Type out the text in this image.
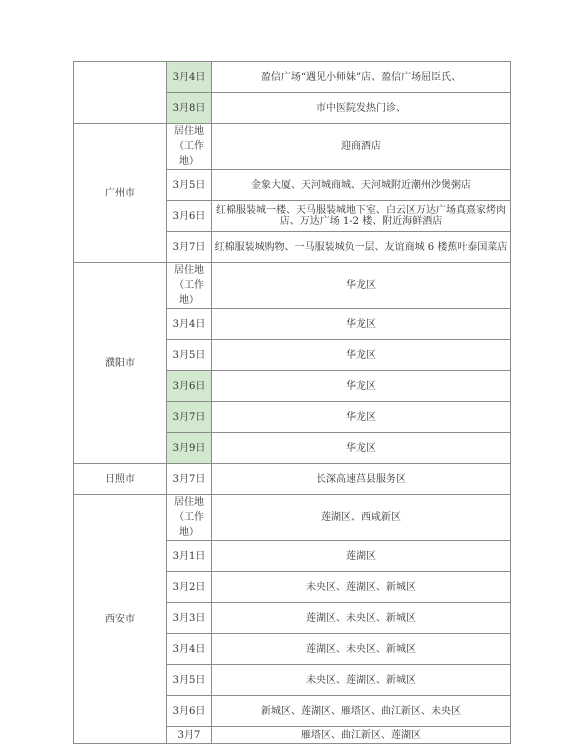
	3月4日	盈信广场“遇见小师妹”店、盈信广场屈臣氏、
	3月8日	市中医院发热门诊、
广州市	居住地（工作地）	迎商酒店
	3月5日	金象大厦、天河城商城、天河城附近潮州沙煲粥店
	3月6日	红棉服装城一楼、天马服装城地下室、白云区万达广场真熹家烤肉店、万达广场 1-2 楼、附近海鲜酒店
	3月7日	红棉服装城购物、一马服装城负一层、友谊商城 6 楼蕉叶泰国菜店
濮阳市	居住地（工作地）	华龙区
	3月4日	华龙区
	3月5日	华龙区
	3月6日	华龙区
	3月7日	华龙区
	3月9日	华龙区
日照市	3月7日	长深高速莒县服务区
西安市	居住地（工作地）	莲湖区、西咸新区
	3月1日	莲湖区
	3月2日	未央区、莲湖区、新城区
	3月3日	莲湖区、未央区、新城区
	3月4日	莲湖区、未央区、新城区
	3月5日	未央区、莲湖区、新城区
	3月6日	新城区、莲湖区、雁塔区、曲江新区、未央区
	3月7	雁塔区、曲江新区、莲湖区
